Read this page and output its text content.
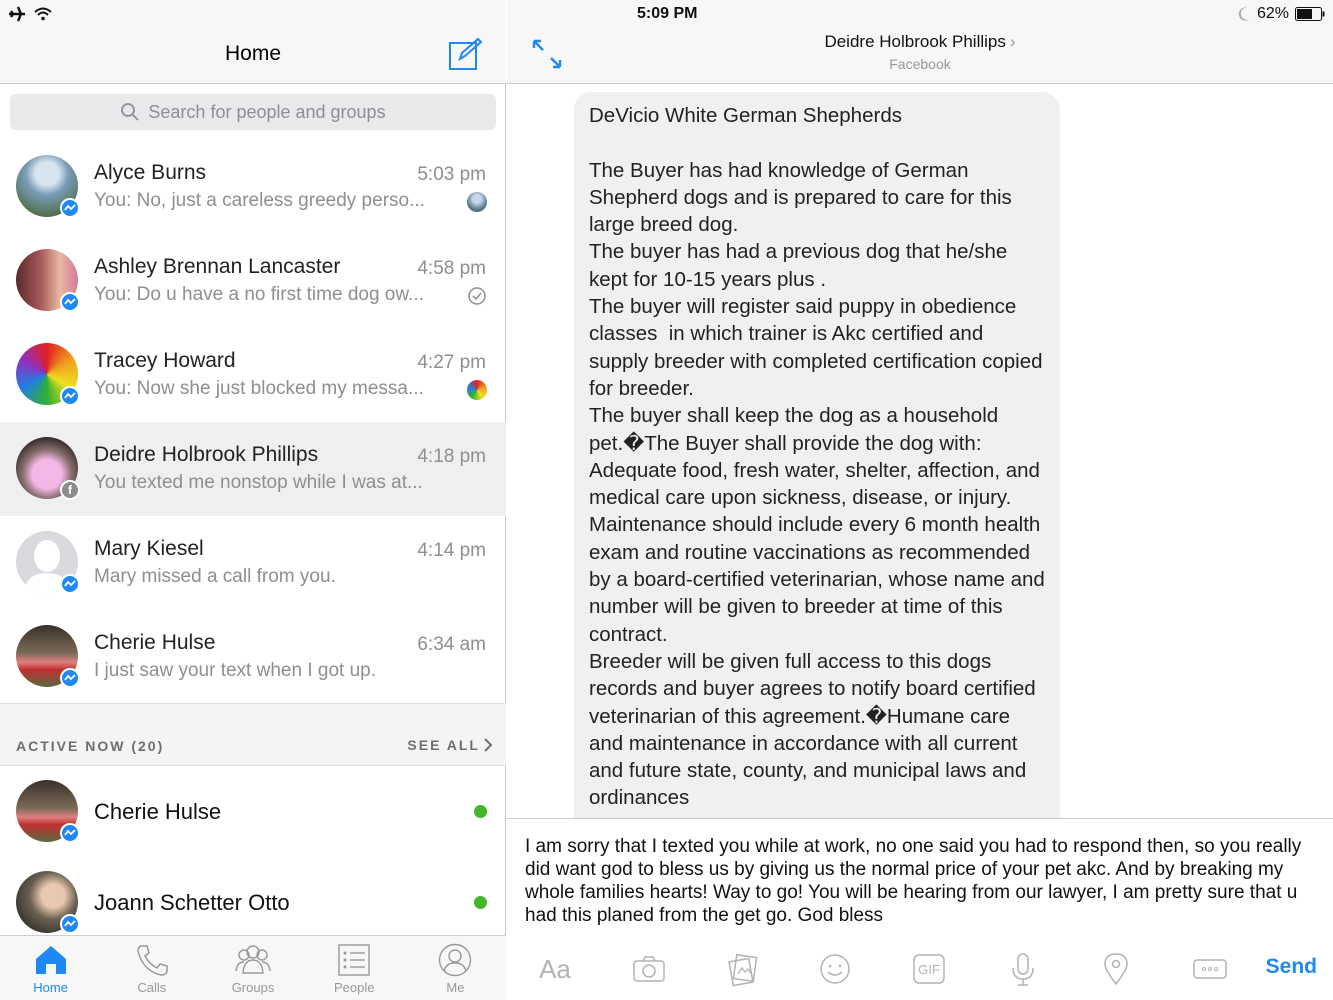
Home
Search for people and groups
Alyce Burns	5:03 pm
You: No, just a careless greedy perso...
Ashley Brennan Lancaster	4:58 pm
You: Do u have a no first time dog ow...
Tracey Howard	4:27 pm
You: Now she just blocked my messa...
f
Deidre Holbrook Phillips	4:18 pm
You texted me nonstop while I was at...
Mary Kiesel	4:14 pm
Mary missed a call from you.
Cherie Hulse	6:34 am
I just saw your text when I got up.
ACTIVE NOW (20)	SEE ALL
Cherie Hulse
Joann Schetter Otto
Home	Calls	Groups	People	Me
5:09 PM	62%
Deidre Holbrook Phillips ›
Facebook
DeVicio White German Shepherds

The Buyer has had knowledge of German Shepherd dogs and is prepared to care for this large breed dog.
The buyer has had a previous dog that he/she kept for 10-15 years plus .
The buyer will register said puppy in obedience classes  in which trainer is Akc certified and supply breeder with completed certification copied for breeder.
The buyer shall keep the dog as a household pet.�The Buyer shall provide the dog with: Adequate food, fresh water, shelter, affection, and medical care upon sickness, disease, or injury. Maintenance should include every 6 month health exam and routine vaccinations as recommended by a board-certified veterinarian, whose name and number will be given to breeder at time of this contract.
Breeder will be given full access to this dogs records and buyer agrees to notify board certified veterinarian of this agreement.�Humane care and maintenance in accordance with all current and future state, county, and municipal laws and ordinances
I am sorry that I texted you while at work, no one said you had to respond then, so you really did want god to bless us by giving us the normal price of your pet akc. And by breaking my whole families hearts! Way to go! You will be hearing from our lawyer, I am pretty sure that u had this planed from the get go. God bless
Aa	GIF	Send
